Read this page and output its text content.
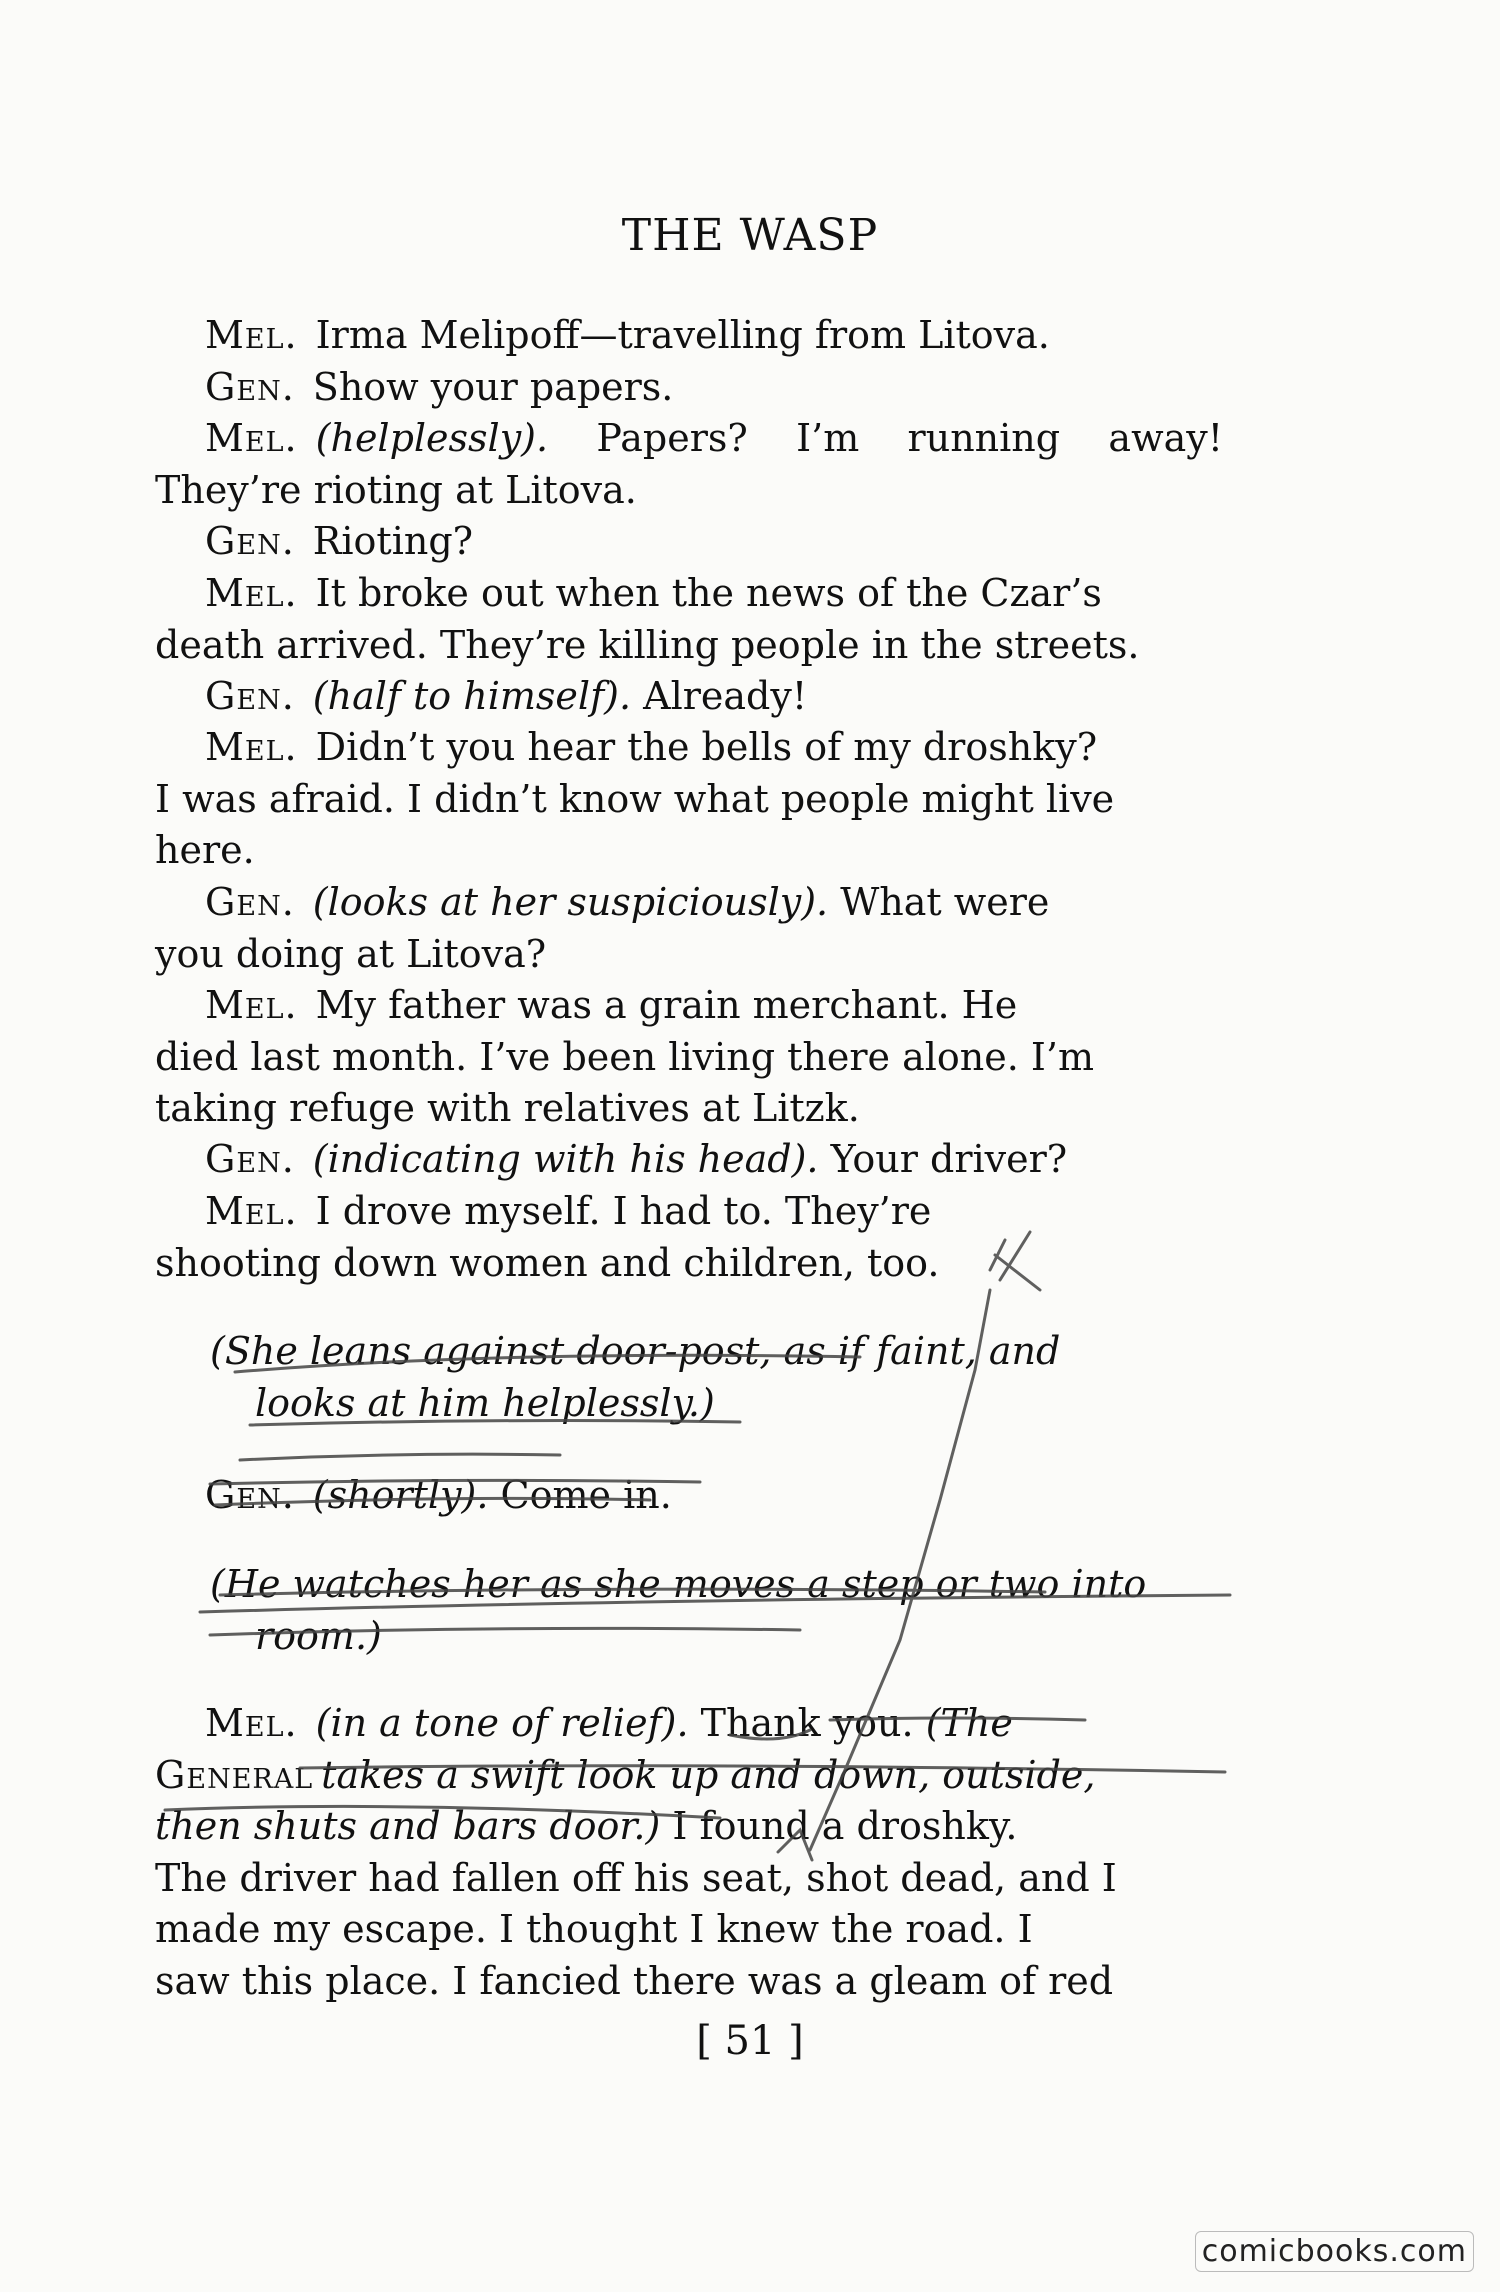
THE WASP
Mel. Irma Melipoff—travelling from Litova.
Gen. Show your papers.
Mel. (helplessly). Papers? I’m running away!
They’re rioting at Litova.
Gen. Rioting?
Mel. It broke out when the news of the Czar’s
death arrived. They’re killing people in the streets.
Gen. (half to himself). Already!
Mel. Didn’t you hear the bells of my droshky?
I was afraid. I didn’t know what people might live
here.
Gen. (looks at her suspiciously). What were
you doing at Litova?
Mel. My father was a grain merchant. He
died last month. I’ve been living there alone. I’m
taking refuge with relatives at Litzk.
Gen. (indicating with his head). Your driver?
Mel. I drove myself. I had to. They’re
shooting down women and children, too.
(She leans against door-post, as if faint, and
looks at him helplessly.)
Gen. (shortly). Come in.
(He watches her as she moves a step or two into
room.)
Mel. (in a tone of relief). Thank you. (The
General takes a swift look up and down, outside,
then shuts and bars door.) I found a droshky.
The driver had fallen off his seat, shot dead, and I
made my escape. I thought I knew the road. I
saw this place. I fancied there was a gleam of red
[ 51 ]
comicbooks.com
